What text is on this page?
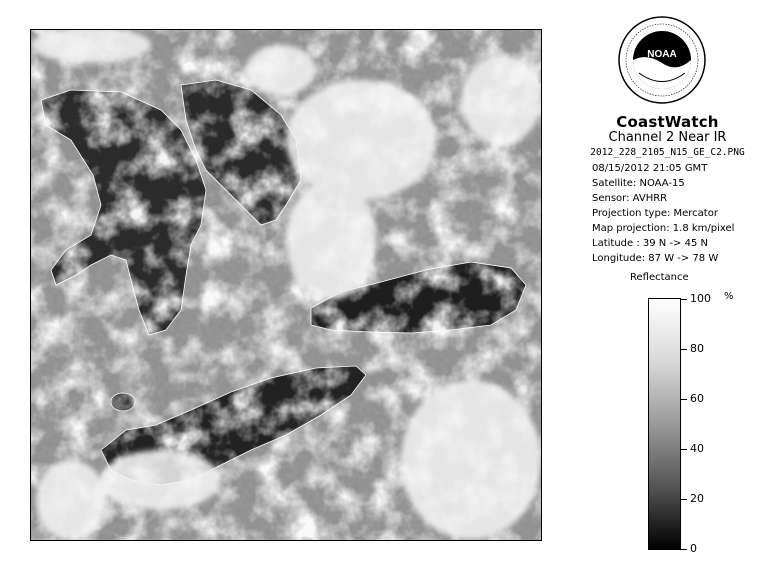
NOAA
CoastWatch
Channel 2 Near IR
2012_228_2105_N15_GE_C2.PNG
08/15/2012 21:05 GMT
Satellite: NOAA-15
Sensor: AVHRR
Projection type: Mercator
Map projection: 1.8 km/pixel
Latitude : 39 N -> 45 N
Longitude: 87 W -> 78 W
Reflectance
%
100
80
60
40
20
0
